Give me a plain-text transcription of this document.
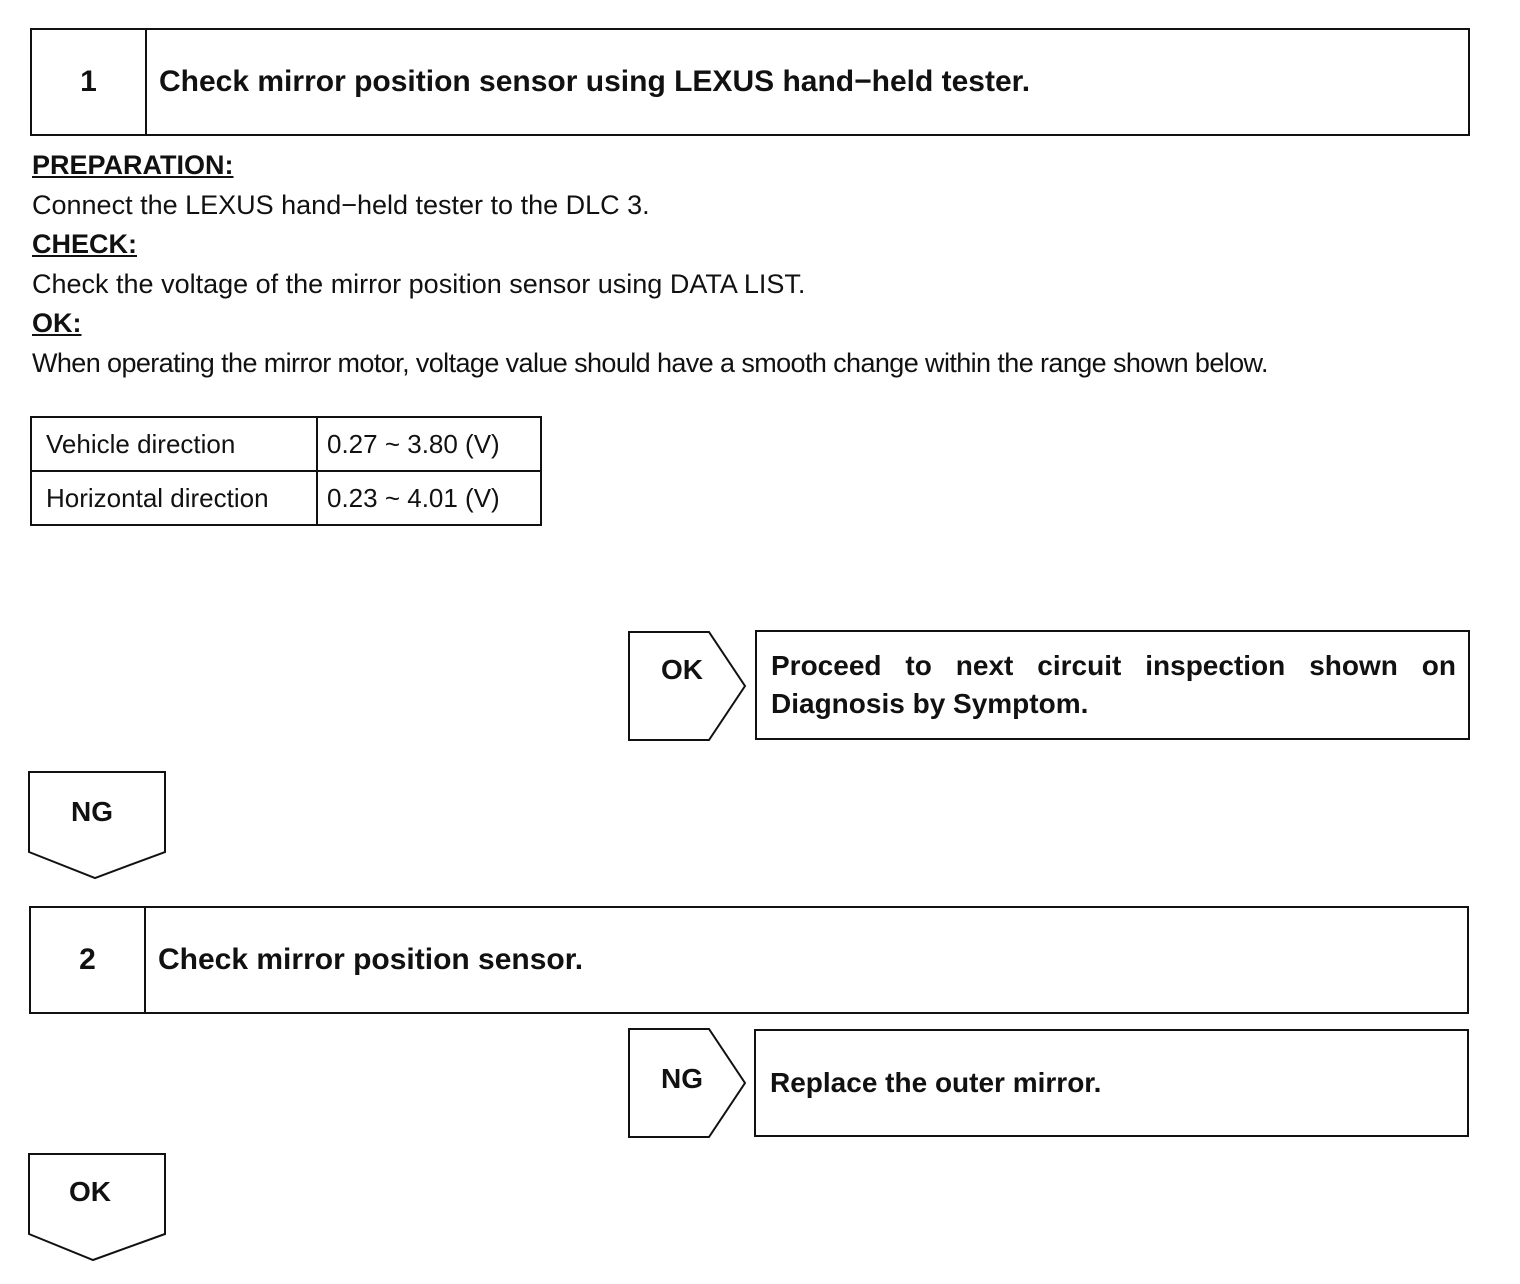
1	Check mirror position sensor using LEXUS hand−held tester.
PREPARATION:
Connect the LEXUS hand−held tester to the DLC 3.
CHECK:
Check the voltage of the mirror position sensor using DATA LIST.
OK:
When operating the mirror motor, voltage value should have a smooth change within the range shown below.
Vehicle direction	0.27 ~ 3.80 (V)
Horizontal direction	0.23 ~ 4.01 (V)
OK Proceed to next circuit inspection shown on Diagnosis by Symptom.
NG
2	Check mirror position sensor.
NG Replace the outer mirror.
OK
